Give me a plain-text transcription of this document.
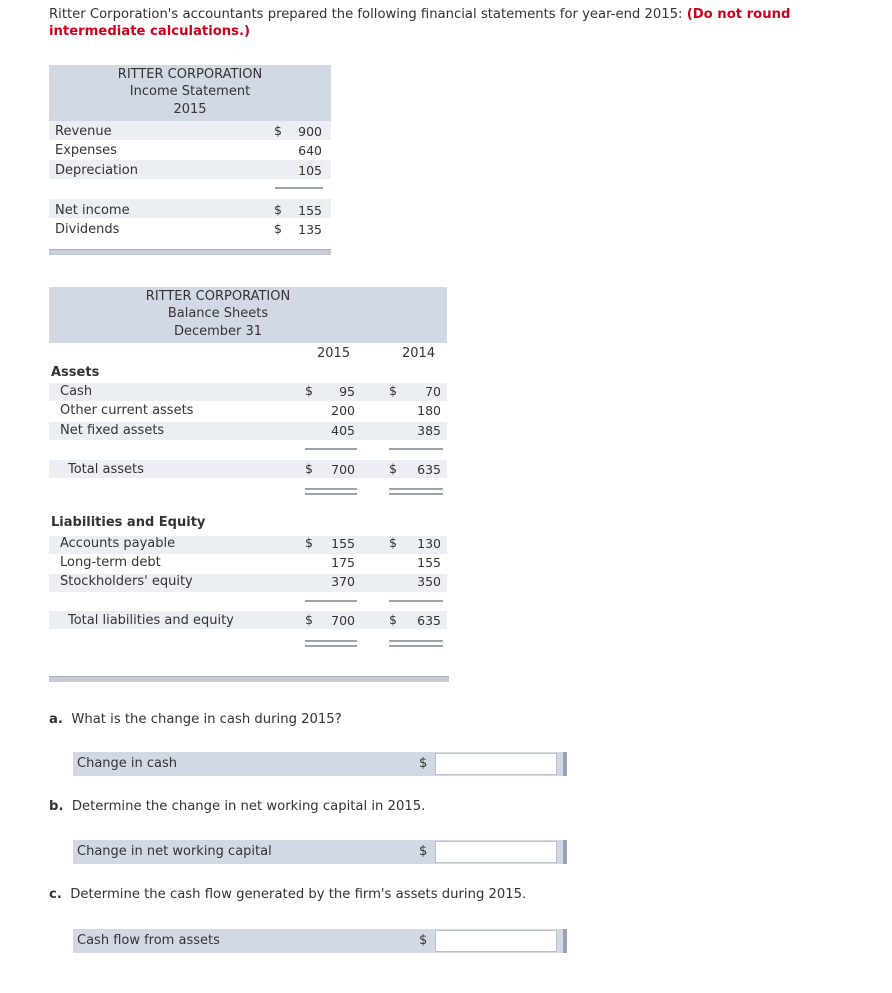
Ritter Corporation's accountants prepared the following financial statements for year-end 2015: (Do not round intermediate calculations.)
RITTER CORPORATION
Income Statement
2015
Revenue	$	900
Expenses	640
Depreciation	105
Net income	$	155
Dividends	$	135
RITTER CORPORATION
Balance Sheets
December 31
2015	2014
Assets
Cash	$	95	$	70
Other current assets	200	180
Net fixed assets	405	385
Total assets	$	700	$	635
Liabilities and Equity
Accounts payable	$	155	$	130
Long-term debt	175	155
Stockholders' equity	370	350
Total liabilities and equity	$	700	$	635
a. What is the change in cash during 2015?
Change in cash	$
b. Determine the change in net working capital in 2015.
Change in net working capital	$
c. Determine the cash flow generated by the firm's assets during 2015.
Cash flow from assets	$
